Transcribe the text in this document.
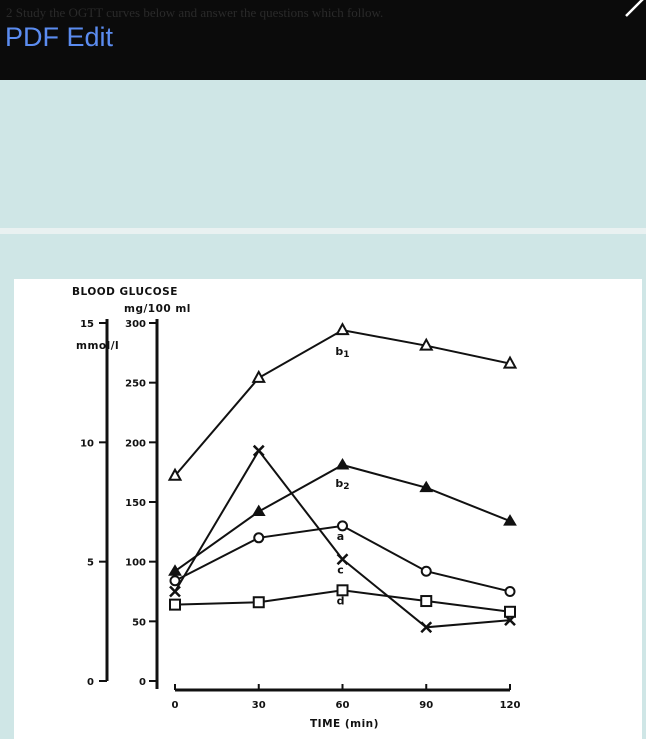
2 Study the OGTT curves below and answer the questions which follow.
PDF Edit
BLOOD GLUCOSE
mg/100 ml
mmol/l
TIME (min)
0
50
100
150
200
250
300
0
5
10
15
0	30	60	90	120
b1
b2
a
c
d
